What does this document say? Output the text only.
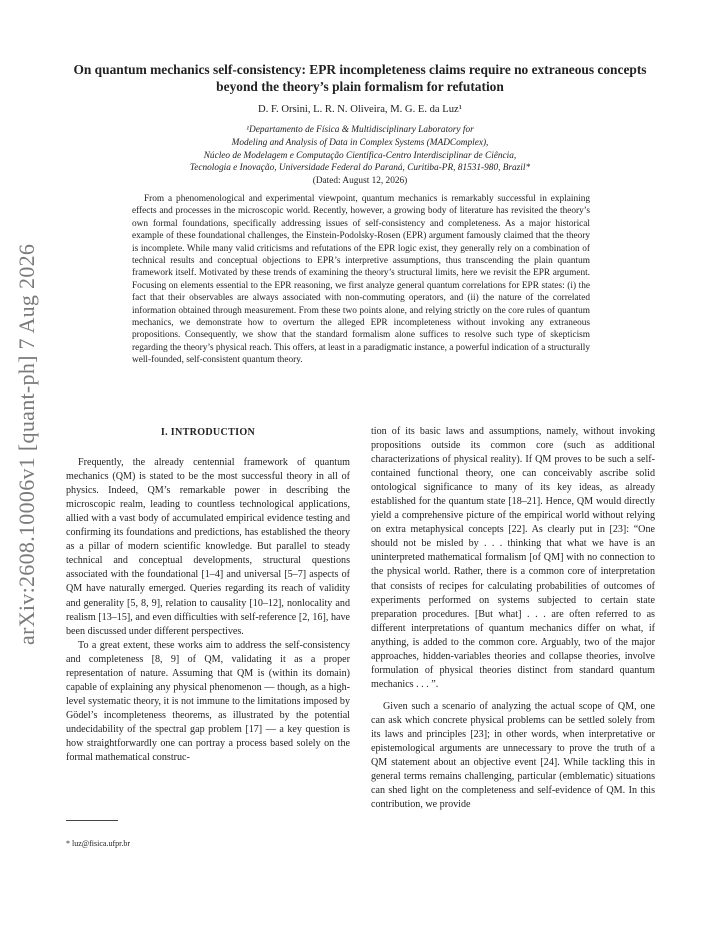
arXiv:2608.10006v1 [quant-ph] 7 Aug 2026
On quantum mechanics self-consistency: EPR incompleteness claims require no extraneous concepts beyond the theory’s plain formalism for refutation
D. F. Orsini, L. R. N. Oliveira, M. G. E. da Luz¹
¹Departamento de Física & Multidisciplinary Laboratory for
Modeling and Analysis of Data in Complex Systems (MADComplex),
Núcleo de Modelagem e Computação Científica-Centro Interdisciplinar de Ciência,
Tecnologia e Inovação, Universidade Federal do Paraná, Curitiba-PR, 81531-980, Brazil*
(Dated: August 12, 2026)

From a phenomenological and experimental viewpoint, quantum mechanics is remarkably successful in explaining effects and processes in the microscopic world. Recently, however, a growing body of literature has revisited the theory’s own formal foundations, specifically addressing issues of self-consistency and completeness. As a major historical example of these foundational challenges, the Einstein-Podolsky-Rosen (EPR) argument famously claimed that the theory is incomplete. While many valid criticisms and refutations of the EPR logic exist, they generally rely on a combination of technical results and conceptual objections to EPR’s interpretive assumptions, thus transcending the plain quantum framework itself. Motivated by these trends of examining the theory’s structural limits, here we revisit the EPR argument. Focusing on elements essential to the EPR reasoning, we first analyze general quantum correlations for EPR states: (i) the fact that their observables are always associated with non-commuting operators, and (ii) the nature of the correlated information obtained through measurement. From these two points alone, and relying strictly on the core rules of quantum mechanics, we demonstrate how to overturn the alleged EPR incompleteness without invoking any extraneous propositions. Consequently, we show that the standard formalism alone suffices to resolve such type of skepticism regarding the theory’s physical reach. This offers, at least in a paradigmatic instance, a powerful indication of a structurally well-founded, self-consistent quantum theory.

I. INTRODUCTION

Frequently, the already centennial framework of quantum mechanics (QM) is stated to be the most successful theory in all of physics. Indeed, QM’s remarkable power in describing the microscopic realm, leading to countless technological applications, allied with a vast body of accumulated empirical evidence testing and confirming its foundations and predictions, has established the theory as a pillar of modern scientific knowledge. But parallel to steady technical and conceptual developments, structural questions associated with the foundational [1–4] and universal [5–7] aspects of QM have naturally emerged. Queries regarding its reach of validity and generality [5, 8, 9], relation to causality [10–12], nonlocality and realism [13–15], and even difficulties with self-reference [2, 16], have been discussed under different perspectives.

To a great extent, these works aim to address the self-consistency and completeness [8, 9] of QM, validating it as a proper representation of nature. Assuming that QM is (within its domain) capable of explaining any physical phenomenon — though, as a high-level systematic theory, it is not immune to the limitations imposed by Gödel’s incompleteness theorems, as illustrated by the potential undecidability of the spectral gap problem [17] — a key question is how straightforwardly one can portray a process based solely on the formal mathematical construc-

tion of its basic laws and assumptions, namely, without invoking propositions outside its common core (such as additional characterizations of physical reality). If QM proves to be such a self-contained functional theory, one can conceivably ascribe solid ontological significance to many of its key ideas, as already established for the quantum state [18–21]. Hence, QM would directly yield a comprehensive picture of the empirical world without relying on extra metaphysical concepts [22]. As clearly put in [23]: “One should not be misled by . . . thinking that what we have is an uninterpreted mathematical formalism [of QM] with no connection to the physical world. Rather, there is a common core of interpretation that consists of recipes for calculating probabilities of outcomes of experiments performed on systems subjected to certain state preparation procedures. [But what] . . . are often referred to as different interpretations of quantum mechanics differ on what, if anything, is added to the common core. Arguably, two of the major approaches, hidden-variables theories and collapse theories, involve formulation of physical theories distinct from standard quantum mechanics . . . ”.

Given such a scenario of analyzing the actual scope of QM, one can ask which concrete physical problems can be settled solely from its laws and principles [23]; in other words, when interpretative or epistemological arguments are unnecessary to prove the truth of a QM statement about an objective event [24]. While tackling this in general terms remains challenging, particular (emblematic) situations can shed light on the completeness and self-evidence of QM. In this contribution, we provide

* luz@fisica.ufpr.br
